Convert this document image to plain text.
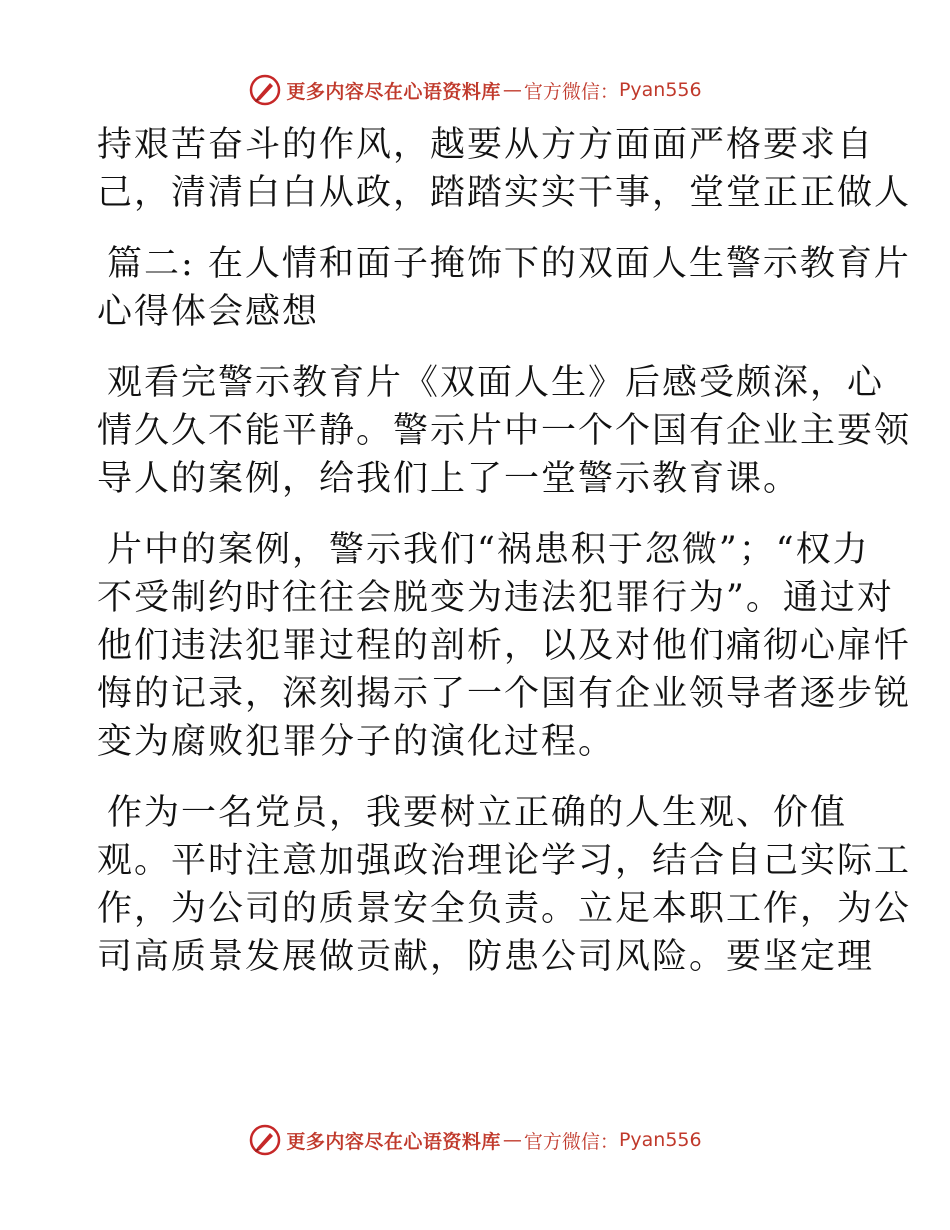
更多内容尽在心语资料库 — 官方微信： Pyan556

持艰苦奋斗的作风，越要从方方面面严格要求自
己，清清白白从政，踏踏实实干事，堂堂正正做人

篇二: 在人情和面子掩饰下的双面人生警示教育片
心得体会感想

观看完警示教育片《双面人生》后感受颇深，心
情久久不能平静。警示片中一个个国有企业主要领
导人的案例，给我们上了一堂警示教育课。

片中的案例，警示我们“祸患积于忽微”；“权力
不受制约时往往会脱变为违法犯罪行为”。通过对
他们违法犯罪过程的剖析，以及对他们痛彻心扉忏
悔的记录，深刻揭示了一个国有企业领导者逐步锐
变为腐败犯罪分子的演化过程。

作为一名党员，我要树立正确的人生观、价值
观。平时注意加强政治理论学习，结合自己实际工
作，为公司的质景安全负责。立足本职工作，为公
司高质景发展做贡献，防患公司风险。要坚定理

更多内容尽在心语资料库 — 官方微信： Pyan556
